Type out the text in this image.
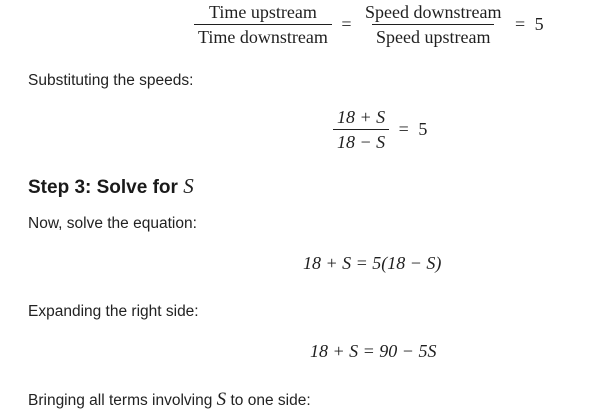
$\frac{\text{Time upstream}}{\text{Time downstream}} = \frac{\text{Speed downstream}}{\text{Speed upstream}} = 5$
Substituting the speeds:
$\frac{18 + S}{18 - S} = 5$
Step 3: Solve for S
Now, solve the equation:
18 + S = 5(18 − S)
Expanding the right side:
18 + S = 90 − 5S
Bringing all terms involving S to one side:
